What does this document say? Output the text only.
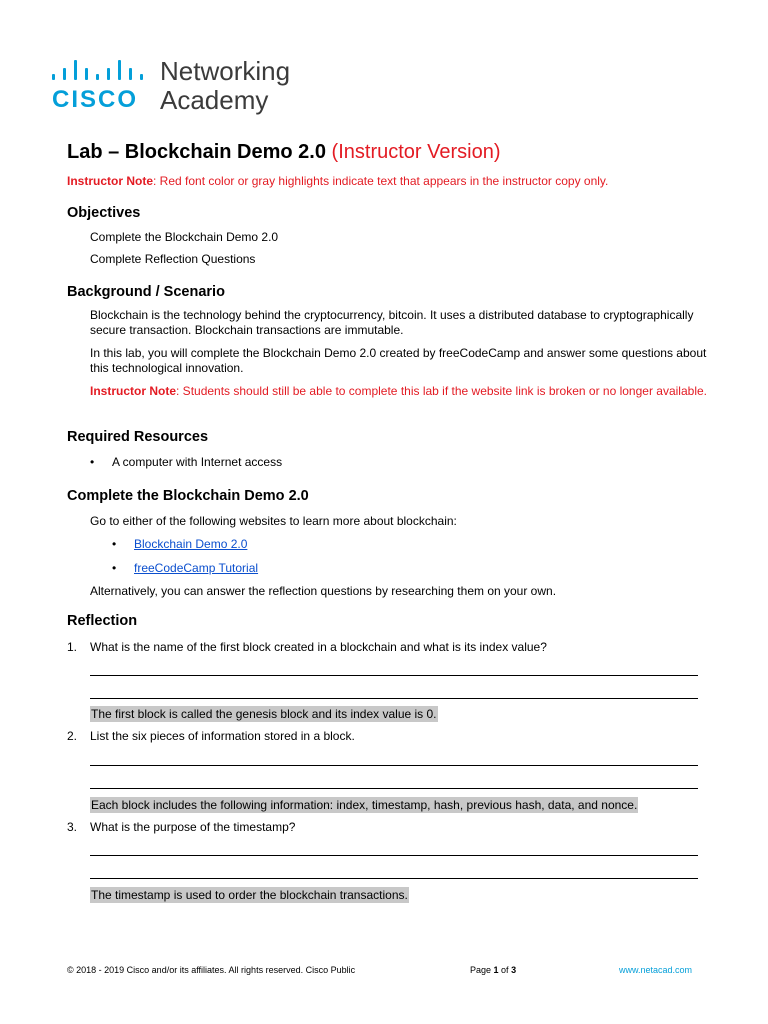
CISCO
Networking
Academy
Lab – Blockchain Demo 2.0 (Instructor Version)
Instructor Note: Red font color or gray highlights indicate text that appears in the instructor copy only.
Objectives
Complete the Blockchain Demo 2.0
Complete Reflection Questions
Background / Scenario
Blockchain is the technology behind the cryptocurrency, bitcoin. It uses a distributed database to cryptographically secure transaction. Blockchain transactions are immutable.
In this lab, you will complete the Blockchain Demo 2.0 created by freeCodeCamp and answer some questions about this technological innovation.
Instructor Note: Students should still be able to complete this lab if the website link is broken or no longer available.
Required Resources
• A computer with Internet access
Complete the Blockchain Demo 2.0
Go to either of the following websites to learn more about blockchain:
• Blockchain Demo 2.0
• freeCodeCamp Tutorial
Alternatively, you can answer the reflection questions by researching them on your own.
Reflection
1. What is the name of the first block created in a blockchain and what is its index value?
The first block is called the genesis block and its index value is 0.
2. List the six pieces of information stored in a block.
Each block includes the following information: index, timestamp, hash, previous hash, data, and nonce.
3. What is the purpose of the timestamp?
The timestamp is used to order the blockchain transactions.
© 2018 - 2019 Cisco and/or its affiliates. All rights reserved. Cisco Public	Page 1 of 3	www.netacad.com
